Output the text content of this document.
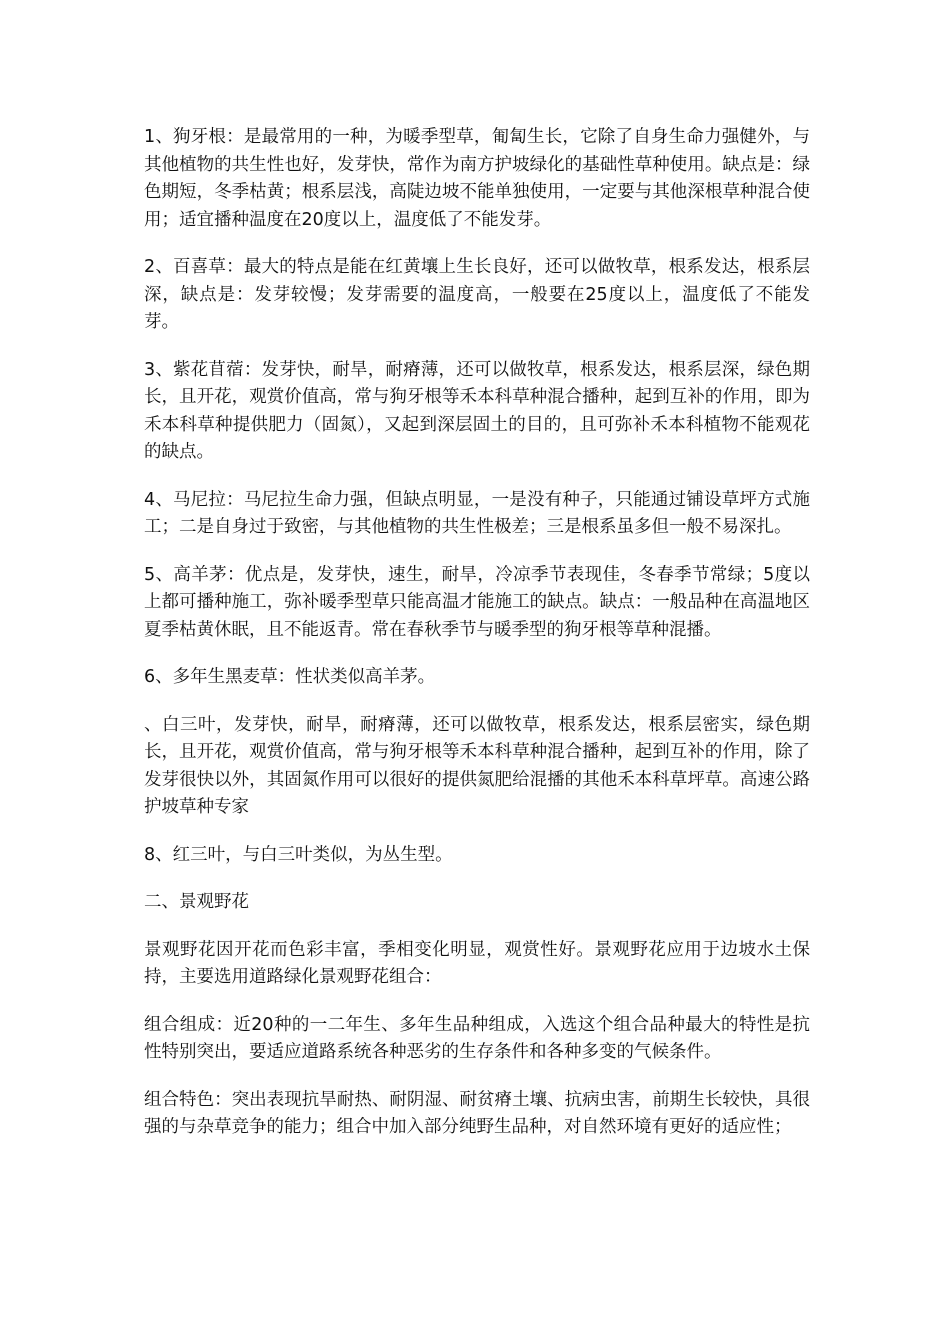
1、狗牙根：是最常用的一种，为暖季型草，匍匐生长，它除了自身生命力强健外，与其他植物的共生性也好，发芽快，常作为南方护坡绿化的基础性草种使用。缺点是：绿色期短，冬季枯黄；根系层浅，高陡边坡不能单独使用，一定要与其他深根草种混合使用；适宜播种温度在20度以上，温度低了不能发芽。

2、百喜草：最大的特点是能在红黄壤上生长良好，还可以做牧草，根系发达，根系层深，缺点是：发芽较慢；发芽需要的温度高，一般要在25度以上，温度低了不能发芽。

3、紫花苜蓿：发芽快，耐旱，耐瘠薄，还可以做牧草，根系发达，根系层深，绿色期长，且开花，观赏价值高，常与狗牙根等禾本科草种混合播种，起到互补的作用，即为禾本科草种提供肥力（固氮），又起到深层固土的目的，且可弥补禾本科植物不能观花的缺点。

4、马尼拉：马尼拉生命力强，但缺点明显，一是没有种子，只能通过铺设草坪方式施工；二是自身过于致密，与其他植物的共生性极差；三是根系虽多但一般不易深扎。

5、高羊茅：优点是，发芽快，速生，耐旱，冷凉季节表现佳，冬春季节常绿；5度以上都可播种施工，弥补暖季型草只能高温才能施工的缺点。缺点：一般品种在高温地区夏季枯黄休眠，且不能返青。常在春秋季节与暖季型的狗牙根等草种混播。

6、多年生黑麦草：性状类似高羊茅。

、白三叶，发芽快，耐旱，耐瘠薄，还可以做牧草，根系发达，根系层密实，绿色期长，且开花，观赏价值高，常与狗牙根等禾本科草种混合播种，起到互补的作用，除了发芽很快以外，其固氮作用可以很好的提供氮肥给混播的其他禾本科草坪草。高速公路护坡草种专家

8、红三叶，与白三叶类似，为丛生型。

二、景观野花

景观野花因开花而色彩丰富，季相变化明显，观赏性好。景观野花应用于边坡水土保持，主要选用道路绿化景观野花组合：

组合组成：近20种的一二年生、多年生品种组成，入选这个组合品种最大的特性是抗性特别突出，要适应道路系统各种恶劣的生存条件和各种多变的气候条件。

组合特色：突出表现抗旱耐热、耐阴湿、耐贫瘠土壤、抗病虫害，前期生长较快，具很强的与杂草竞争的能力；组合中加入部分纯野生品种，对自然环境有更好的适应性；
